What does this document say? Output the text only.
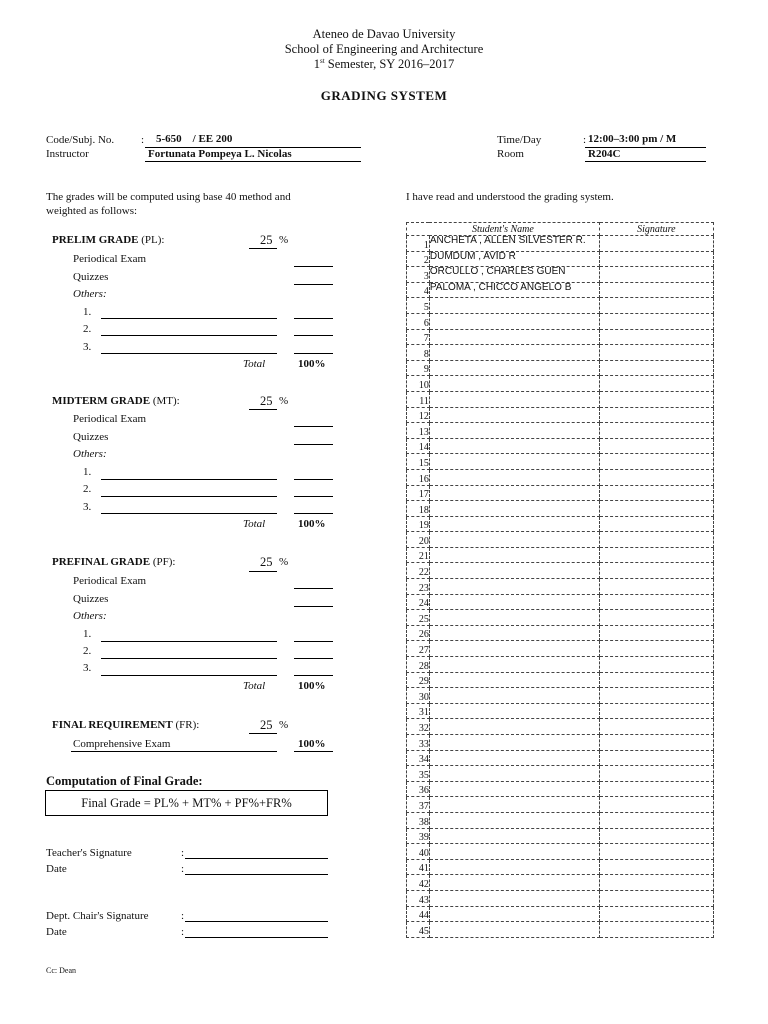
Ateneo de Davao University
School of Engineering and Architecture
1st Semester, SY 2016–2017
GRADING SYSTEM
Code/Subj. No. : 5-650    / EE 200
Instructor	Fortunata Pompeya L. Nicolas
Time/Day	: 12:00–3:00 pm / M
Room	R204C
The grades will be computed using base 40 method and
weighted as follows:
I have read and understood the grading system.
PRELIM GRADE (PL):	25 %
Periodical Exam
Quizzes
Others:
1.
2.
3.
Total	100%
MIDTERM GRADE (MT):	25 %
Periodical Exam
Quizzes
Others:
1.
2.
3.
Total	100%
PREFINAL GRADE (PF):	25 %
Periodical Exam
Quizzes
Others:
1.
2.
3.
Total	100%
FINAL REQUIREMENT (FR):	25 %
Comprehensive Exam	100%
Computation of Final Grade:
Final Grade = PL% + MT% + PF%+FR%
Teacher's Signature	:
Date	:
Dept. Chair's Signature	:
Date	:
Cc: Dean
Student's Name		Signature
1	ANCHETA , ALLEN SILVESTER R.	
2	DUMDUM , AVID R	
3	ORCULLO , CHARLES GUEN	
4	PALOMA , CHICCO ANGELO B	
5		
6		
7		
8		
9		
10		
11		
12		
13		
14		
15		
16		
17		
18		
19		
20		
21		
22		
23		
24		
25		
26		
27		
28		
29		
30		
31		
32		
33		
34		
35		
36		
37		
38		
39		
40		
41		
42		
43		
44		
45		
